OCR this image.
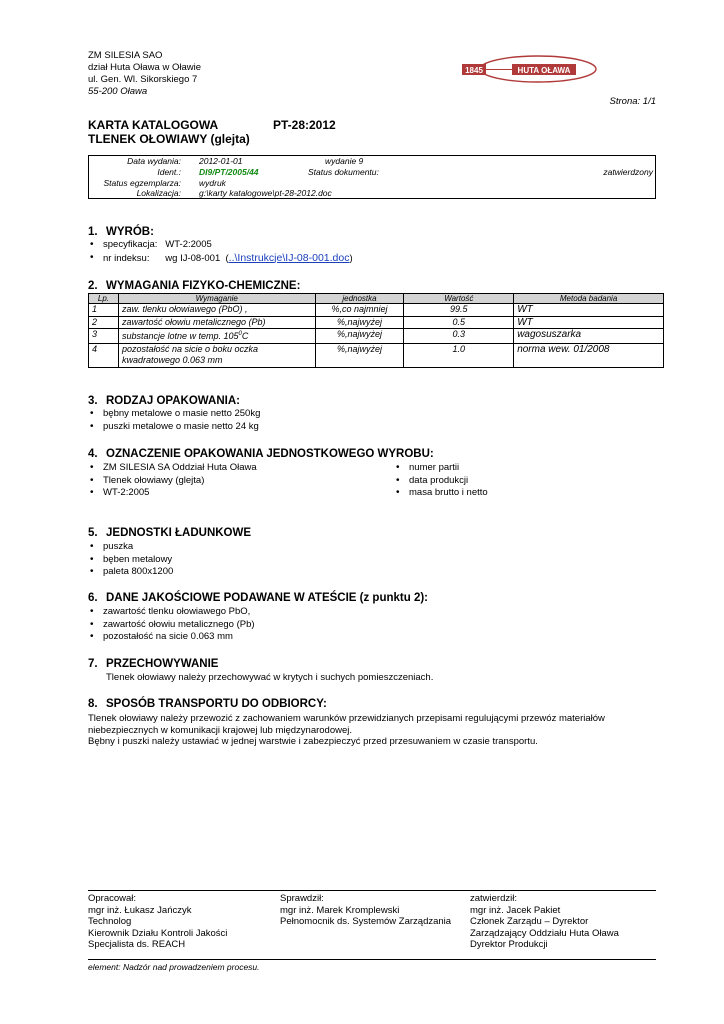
ZM SILESIA SAO
dział Huta Oława w Oławie
ul. Gen. Wl. Sikorskiego 7
55-200 Oława
1845	HUTA OŁAWA
Strona: 1/1
KARTA KATALOGOWA	PT-28:2012
TLENEK OŁOWIAWY (glejta)
Data wydania: 2012-01-01	wydanie 9
Ident.: DI9/PT/2005/44	Status dokumentu:	zatwierdzony
Status egzemplarza: wydruk
Lokalizacja: g:\karty katalogowe\pt-28-2012.doc
1. WYRÓB:
• specyfikacja:   WT-2:2005
• nr indeksu:      wg IJ-08-001  (..\Instrukcje\IJ-08-001.doc)
2. WYMAGANIA FIZYKO-CHEMICZNE:
Lp.	Wymaganie	jednostka	Wartość	Metoda badania
1	zaw. tlenku ołowiawego (PbO) ,	%,co najmniej	99.5	WT
2	zawartość ołowiu metalicznego (Pb)	%,najwyżej	0.5	WT
3	substancje lotne w temp. $105^0C$	%,najwyżej	0.3	wagosuszarka
4	pozostałość na sicie o boku oczka
kwadratowego 0.063 mm	%,najwyżej	1.0	norma wew. 01/2008
3. RODZAJ OPAKOWANIA:
• bębny metalowe o masie netto 250kg
• puszki metalowe o masie netto 24 kg
4. OZNACZENIE OPAKOWANIA JEDNOSTKOWEGO WYROBU:
• ZM SILESIA SA Oddział Huta Oława
• Tlenek ołowiawy (glejta)
• WT-2:2005
• numer partii
• data produkcji
• masa brutto i netto
5. JEDNOSTKI ŁADUNKOWE
• puszka
• bęben metalowy
• paleta 800x1200
6. DANE JAKOŚCIOWE PODAWANE W ATEŚCIE (z punktu 2):
• zawartość tlenku ołowiawego PbO,
• zawartość ołowiu metalicznego (Pb)
• pozostałość na sicie 0.063 mm
7. PRZECHOWYWANIE
Tlenek ołowiawy należy przechowywać w krytych i suchych pomieszczeniach.
8. SPOSÓB TRANSPORTU DO ODBIORCY:
Tlenek ołowiawy należy przewozić z zachowaniem warunków przewidzianych przepisami regulującymi przewóz materiałów
niebezpiecznych w komunikacji krajowej lub międzynarodowej.
Bębny i puszki należy ustawiać w jednej warstwie i zabezpieczyć przed przesuwaniem w czasie transportu.
Opracował:
mgr inż. Łukasz Jańczyk
Technolog
Kierownik Działu Kontroli Jakości
Specjalista ds. REACH
Sprawdził:
mgr inż. Marek Kromplewski
Pełnomocnik ds. Systemów Zarządzania
zatwierdził:
mgr inż. Jacek Pakiet
Członek Zarządu – Dyrektor
Zarządzający Oddziału Huta Oława
Dyrektor Produkcji
element: Nadzór nad prowadzeniem procesu.
